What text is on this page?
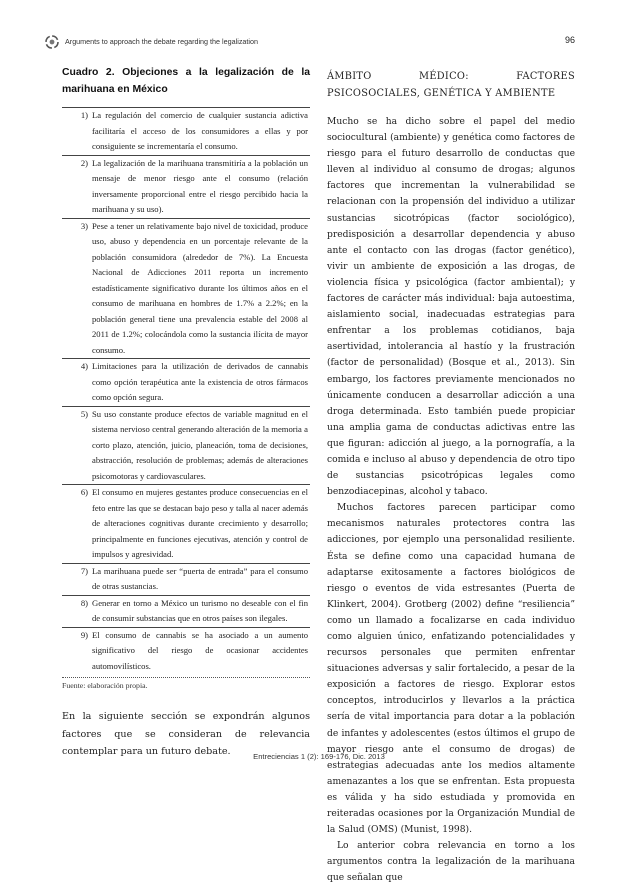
Arguments to approach the debate regarding the legalization	96
Cuadro 2. Objeciones a la legalización de la marihuana en México
1) La regulación del comercio de cualquier sustancia adictiva facilitaría el acceso de los consumidores a ellas y por consiguiente se incrementaría el consumo.
2) La legalización de la marihuana transmitiría a la población un mensaje de menor riesgo ante el consumo (relación inversamente proporcional entre el riesgo percibido hacia la marihuana y su uso).
3) Pese a tener un relativamente bajo nivel de toxicidad, produce uso, abuso y dependencia en un porcentaje relevante de la población consumidora (alrededor de 7%). La Encuesta Nacional de Adicciones 2011 reporta un incremento estadísticamente significativo durante los últimos años en el consumo de marihuana en hombres de 1.7% a 2.2%; en la población general tiene una prevalencia estable del 2008 al 2011 de 1.2%; colocándola como la sustancia ilícita de mayor consumo.
4) Limitaciones para la utilización de derivados de cannabis como opción terapéutica ante la existencia de otros fármacos como opción segura.
5) Su uso constante produce efectos de variable magnitud en el sistema nervioso central generando alteración de la memoria a corto plazo, atención, juicio, planeación, toma de decisiones, abstracción, resolución de problemas; además de alteraciones psicomotoras y cardiovasculares.
6) El consumo en mujeres gestantes produce consecuencias en el feto entre las que se destacan bajo peso y talla al nacer además de alteraciones cognitivas durante crecimiento y desarrollo; principalmente en funciones ejecutivas, atención y control de impulsos y agresividad.
7) La marihuana puede ser “puerta de entrada” para el consumo de otras sustancias.
8) Generar en torno a México un turismo no deseable con el fin de consumir substancias que en otros países son ilegales.
9) El consumo de cannabis se ha asociado a un aumento significativo del riesgo de ocasionar accidentes automovilísticos.
Fuente: elaboración propia.
En la siguiente sección se expondrán algunos factores que se consideran de relevancia contemplar para un futuro debate.
ÁMBITO MÉDICO: FACTORES PSICOSOCIALES, GENÉTICA Y AMBIENTE

Mucho se ha dicho sobre el papel del medio sociocultural (ambiente) y genética como factores de riesgo para el futuro desarrollo de conductas que lleven al individuo al consumo de drogas; algunos factores que incrementan la vulnerabilidad se relacionan con la propensión del individuo a utilizar sustancias sicotrópicas (factor sociológico), predisposición a desarrollar dependencia y abuso ante el contacto con las drogas (factor genético), vivir un ambiente de exposición a las drogas, de violencia física y psicológica (factor ambiental); y factores de carácter más individual: baja autoestima, aislamiento social, inadecuadas estrategias para enfrentar a los problemas cotidianos, baja asertividad, intolerancia al hastío y la frustración (factor de personalidad) (Bosque et al., 2013). Sin embargo, los factores previamente mencionados no únicamente conducen a desarrollar adicción a una droga determinada. Esto también puede propiciar una amplia gama de conductas adictivas entre las que figuran: adicción al juego, a la pornografía, a la comida e incluso al abuso y dependencia de otro tipo de sustancias psicotrópicas legales como benzodiacepinas, alcohol y tabaco.

Muchos factores parecen participar como mecanismos naturales protectores contra las adicciones, por ejemplo una personalidad resiliente. Ésta se define como una capacidad humana de adaptarse exitosamente a factores biológicos de riesgo o eventos de vida estresantes (Puerta de Klinkert, 2004). Grotberg (2002) define “resiliencia” como un llamado a focalizarse en cada individuo como alguien único, enfatizando potencialidades y recursos personales que permiten enfrentar situaciones adversas y salir fortalecido, a pesar de la exposición a factores de riesgo. Explorar estos conceptos, introducirlos y llevarlos a la práctica sería de vital importancia para dotar a la población de infantes y adolescentes (estos últimos el grupo de mayor riesgo ante el consumo de drogas) de estrategias adecuadas ante los medios altamente amenazantes a los que se enfrentan. Esta propuesta es válida y ha sido estudiada y promovida en reiteradas ocasiones por la Organización Mundial de la Salud (OMS) (Munist, 1998).

Lo anterior cobra relevancia en torno a los argumentos contra la legalización de la marihuana que señalan que

Entreciencias 1 (2): 169-176, Dic. 2013
